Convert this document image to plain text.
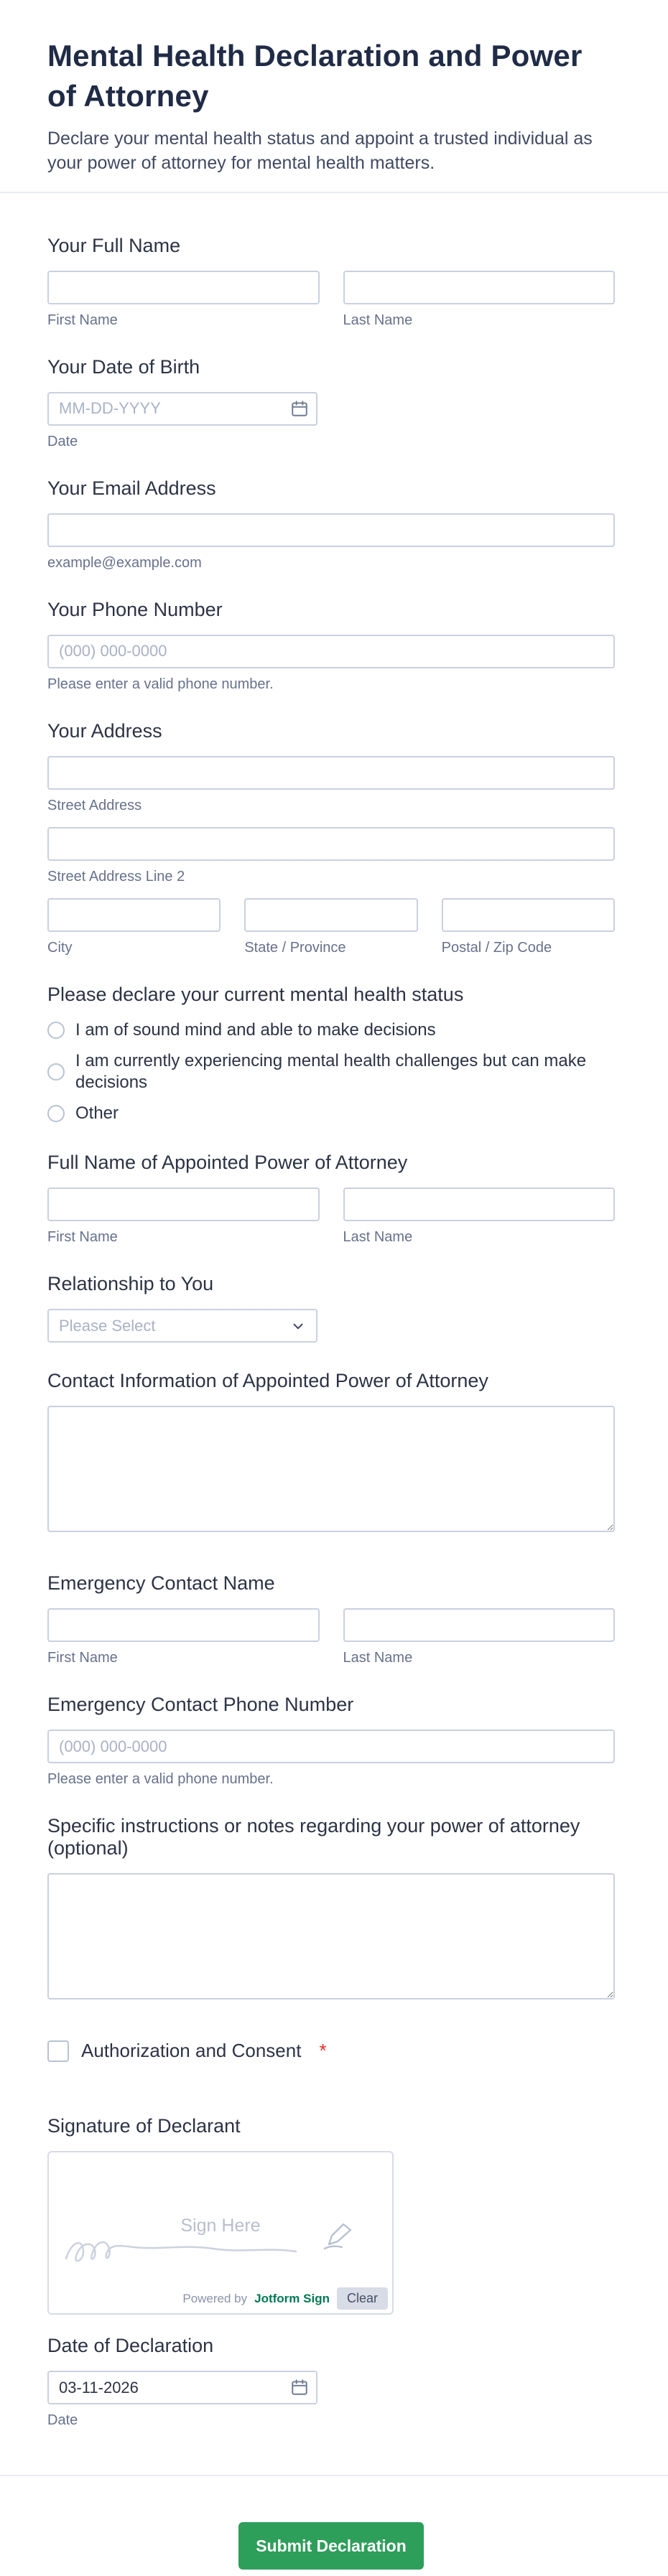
Mental Health Declaration and Power of Attorney

Declare your mental health status and appoint a trusted individual as your power of attorney for mental health matters.

Your Full Name
First Name	Last Name
Your Date of Birth
MM-DD-YYYY
Date
Your Email Address
example@example.com
Your Phone Number
(000) 000-0000
Please enter a valid phone number.
Your Address
Street Address
Street Address Line 2
City	State / Province	Postal / Zip Code
Please declare your current mental health status
I am of sound mind and able to make decisions
I am currently experiencing mental health challenges but can make decisions
Other
Full Name of Appointed Power of Attorney
First Name	Last Name
Relationship to You
Please Select
Contact Information of Appointed Power of Attorney
Emergency Contact Name
First Name	Last Name
Emergency Contact Phone Number
(000) 000-0000
Please enter a valid phone number.
Specific instructions or notes regarding your power of attorney (optional)
Authorization and Consent *
Signature of Declarant
Sign Here
Powered by Jotform Sign	Clear
Date of Declaration
03-11-2026
Date
Submit Declaration
